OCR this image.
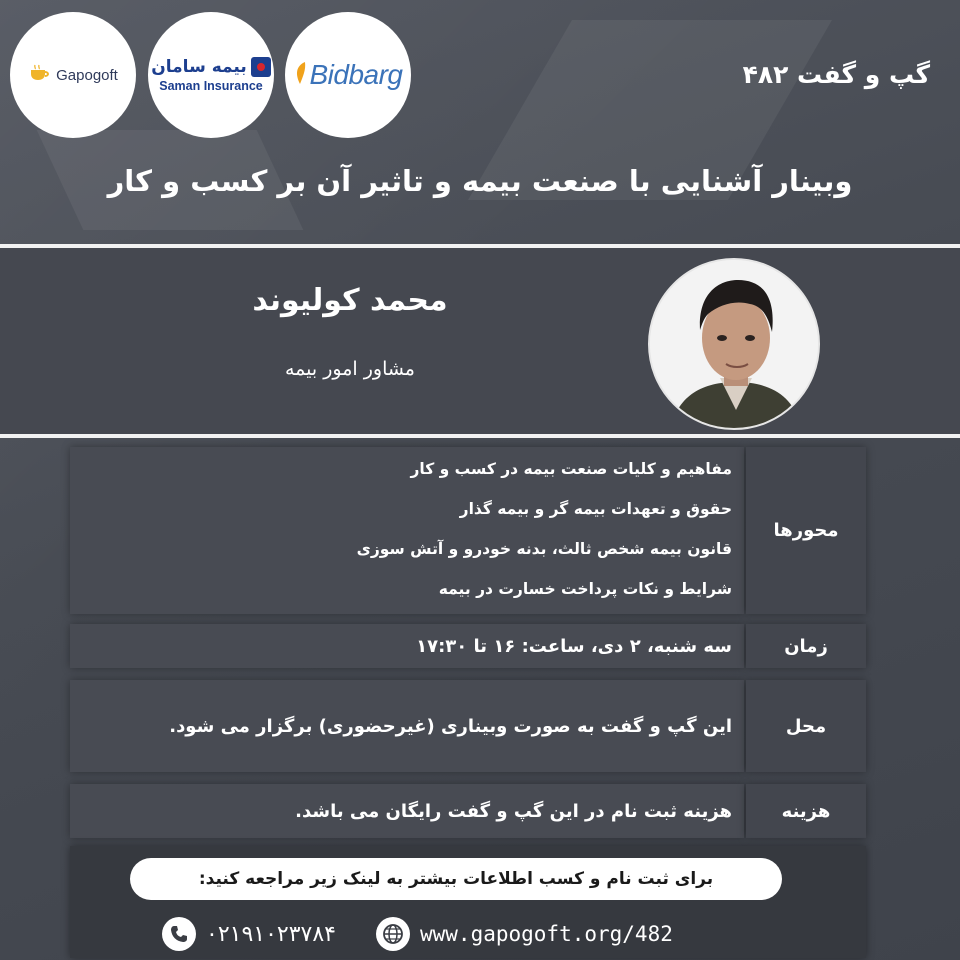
Gapogoft بیمه سامان
Saman Insurance Bidbarg	گپ و گفت ۴۸۲
وبینار آشنایی با صنعت بیمه و تاثیر آن بر کسب و کار
محمد کولیوند
مشاور امور بیمه
محورها
مفاهیم و کلیات صنعت بیمه در کسب و کار
حقوق و تعهدات بیمه گر و بیمه گذار
قانون بیمه شخص ثالث، بدنه خودرو و آتش سوزی
شرایط و نکات پرداخت خسارت در بیمه
زمان
سه شنبه، ۲ دی، ساعت: ۱۶ تا ۱۷:۳۰
محل
این گپ و گفت به صورت وبیناری (غیرحضوری) برگزار می شود.
هزینه
هزینه ثبت نام در این گپ و گفت رایگان می باشد.
برای ثبت نام و کسب اطلاعات بیشتر به لینک زیر مراجعه کنید:
۰۲۱۹۱۰۲۳۷۸۴	www.gapogoft.org/482
